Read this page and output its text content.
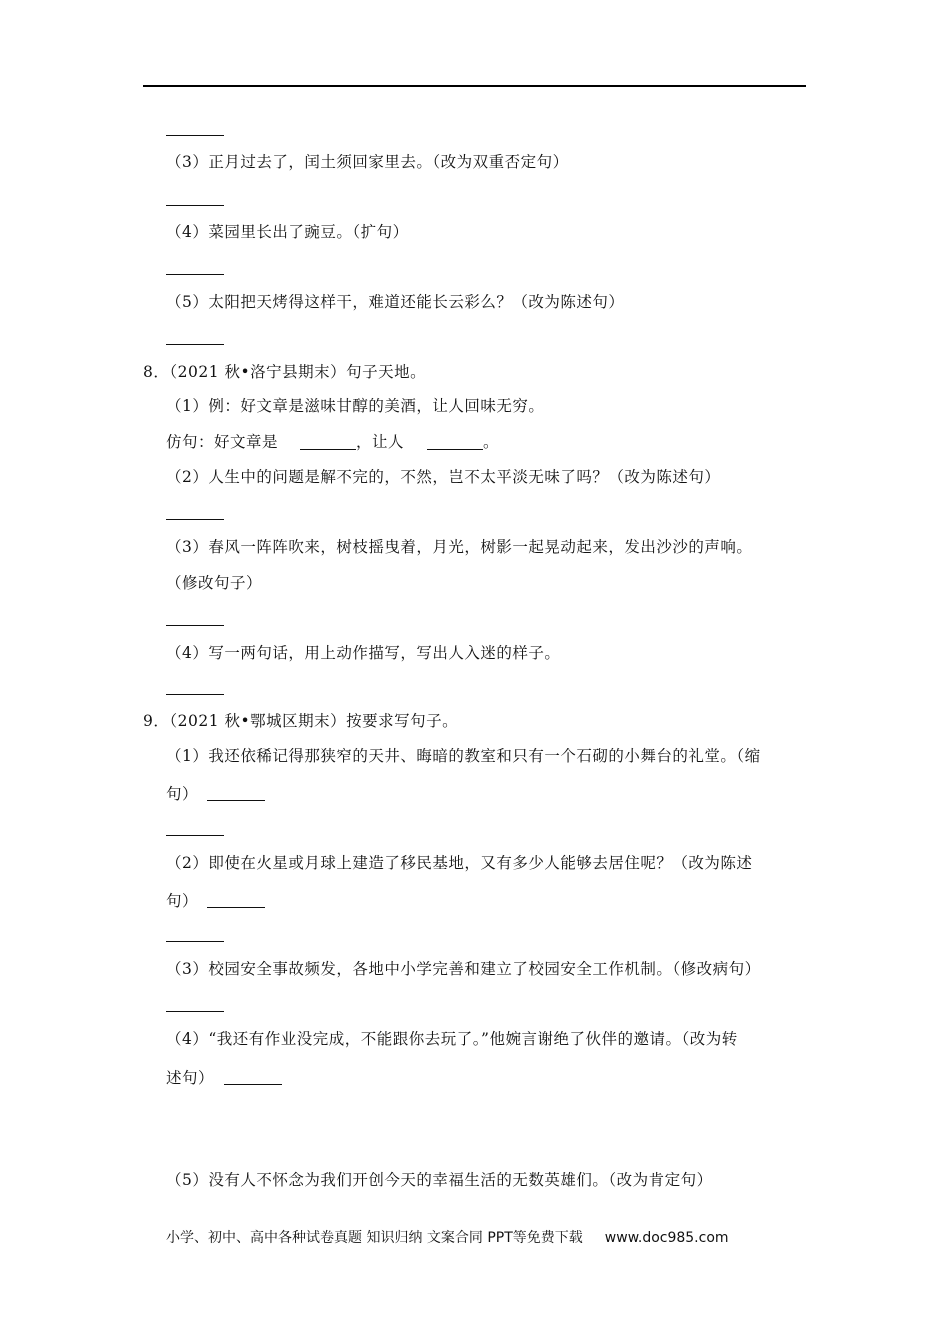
（3）正月过去了，闰土须回家里去。（改为双重否定句）
（4）菜园里长出了豌豆。（扩句）
（5）太阳把天烤得这样干，难道还能长云彩么？（改为陈述句）
8．（2021 秋•洛宁县期末）句子天地。
（1）例：好文章是滋味甘醇的美酒，让人回味无穷。
仿句：好文章是	，让人	。
（2）人生中的问题是解不完的，不然，岂不太平淡无味了吗？（改为陈述句）
（3）春风一阵阵吹来，树枝摇曳着，月光，树影一起晃动起来，发出沙沙的声响。
（修改句子）
（4）写一两句话，用上动作描写，写出人入迷的样子。
9．（2021 秋•鄂城区期末）按要求写句子。
（1）我还依稀记得那狭窄的天井、晦暗的教室和只有一个石砌的小舞台的礼堂。（缩
句）
（2）即使在火星或月球上建造了移民基地，又有多少人能够去居住呢？（改为陈述
句）
（3）校园安全事故频发，各地中小学完善和建立了校园安全工作机制。（修改病句）
（4）“我还有作业没完成，不能跟你去玩了。”他婉言谢绝了伙伴的邀请。（改为转
述句）
（5）没有人不怀念为我们开创今天的幸福生活的无数英雄们。（改为肯定句）
小学、初中、高中各种试卷真题 知识归纳 文案合同 PPT等免费下载 www.doc985.com
